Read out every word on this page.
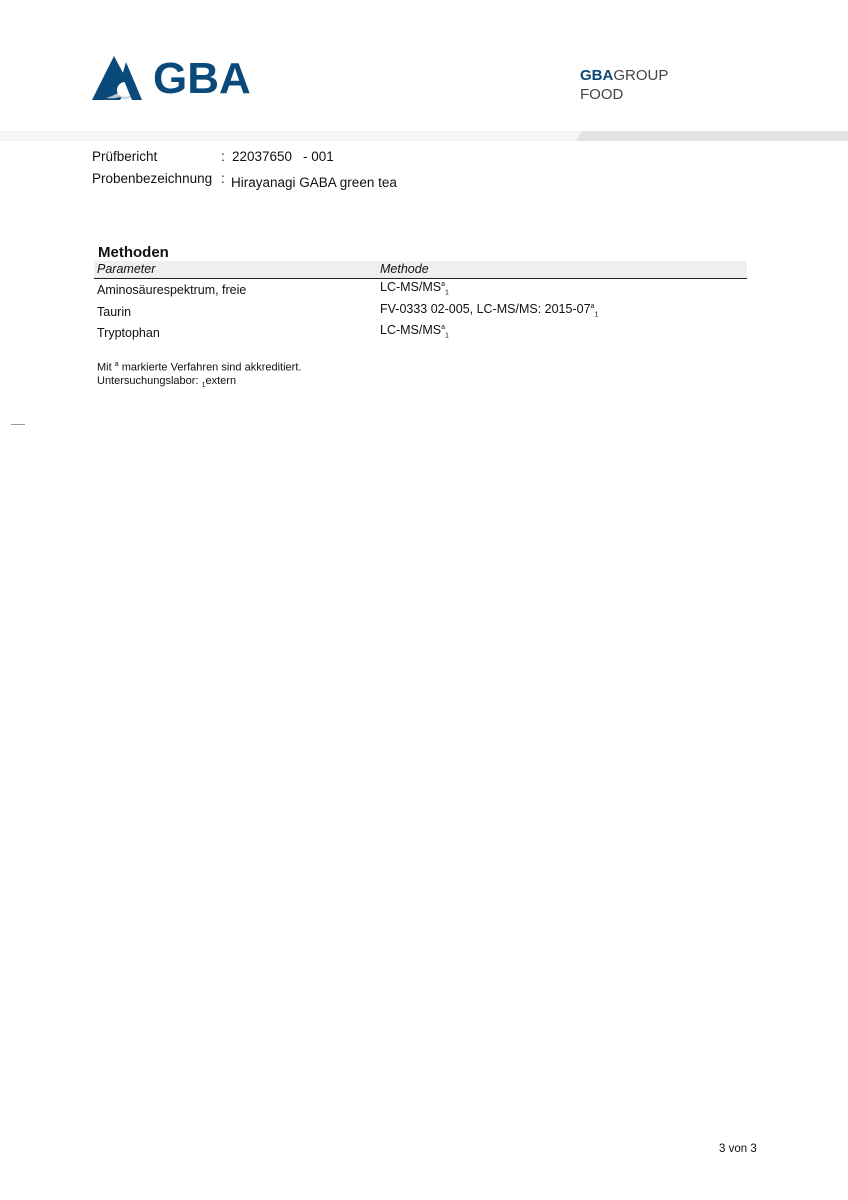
GBA	GBAGROUP
FOOD
Prüfbericht	: 22037650 - 001
Probenbezeichnung : Hirayanagi GABA green tea
Methoden
Parameter	Methode
Aminosäurespektrum, freie	$LC-MS/MS^a_1$
Taurin	FV-0333 02-005, LC-MS/MS: $2015-07^a_1$
Tryptophan	$LC-MS/MS^a_1$
Mit $^a$ markierte Verfahren sind akkreditiert.
Untersuchungslabor: $_1$extern
3 von 3
